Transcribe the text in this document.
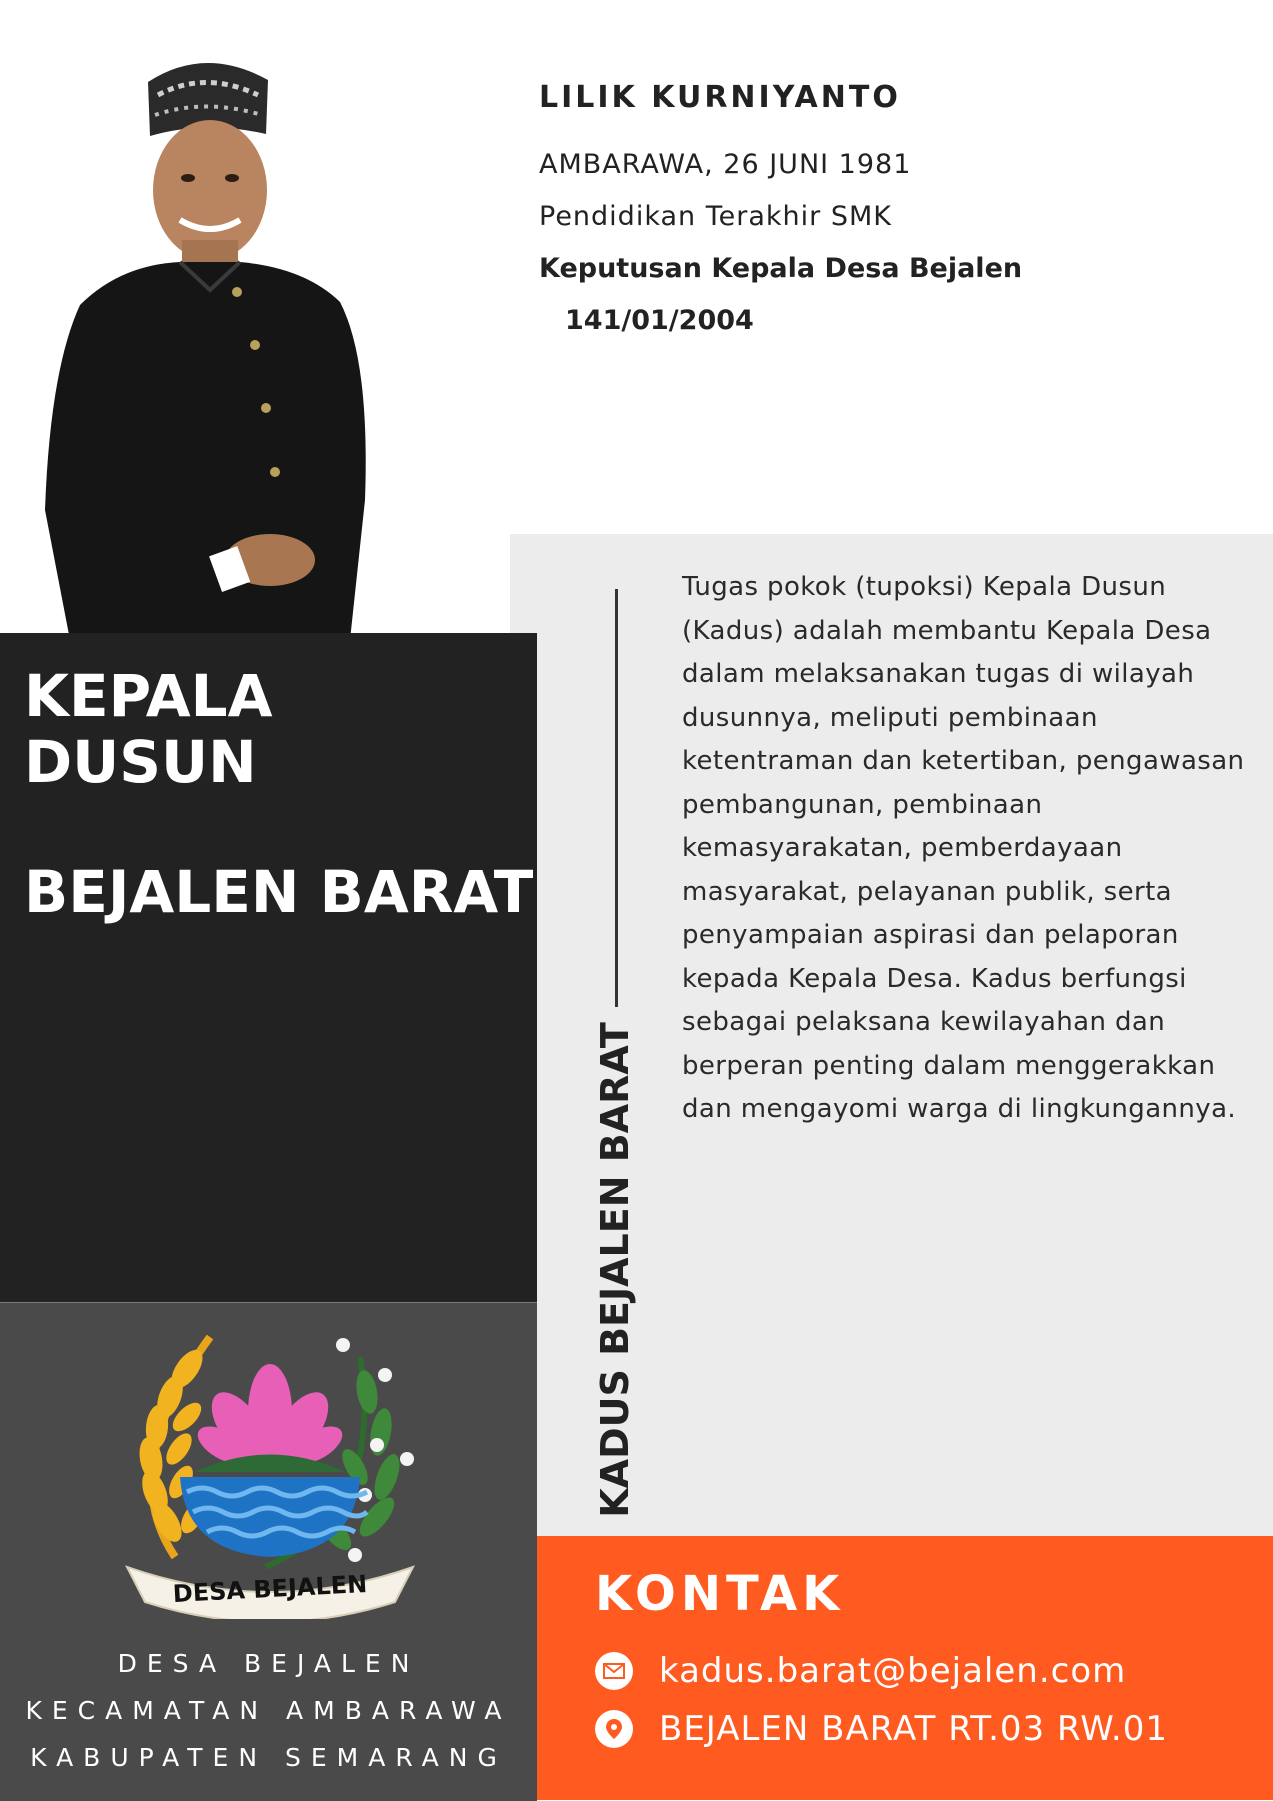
LILIK KURNIYANTO

AMBARAWA, 26 JUNI 1981

Pendidikan Terakhir SMK

Keputusan Kepala Desa Bejalen

141/01/2004

KEPALA
DUSUN
BEJALEN BARAT
DESA BEJALEN
DESA BEJALEN
KECAMATAN AMBARAWA
KABUPATEN SEMARANG
KADUS BEJALEN BARAT
Tugas pokok (tupoksi) Kepala Dusun (Kadus) adalah membantu Kepala Desa dalam melaksanakan tugas di wilayah dusunnya, meliputi pembinaan ketentraman dan ketertiban, pengawasan pembangunan, pembinaan kemasyarakatan, pemberdayaan masyarakat, pelayanan publik, serta penyampaian aspirasi dan pelaporan kepada Kepala Desa. Kadus berfungsi sebagai pelaksana kewilayahan dan berperan penting dalam menggerakkan dan mengayomi warga di lingkungannya.
KONTAK
kadus.barat@bejalen.com
BEJALEN BARAT RT.03 RW.01
